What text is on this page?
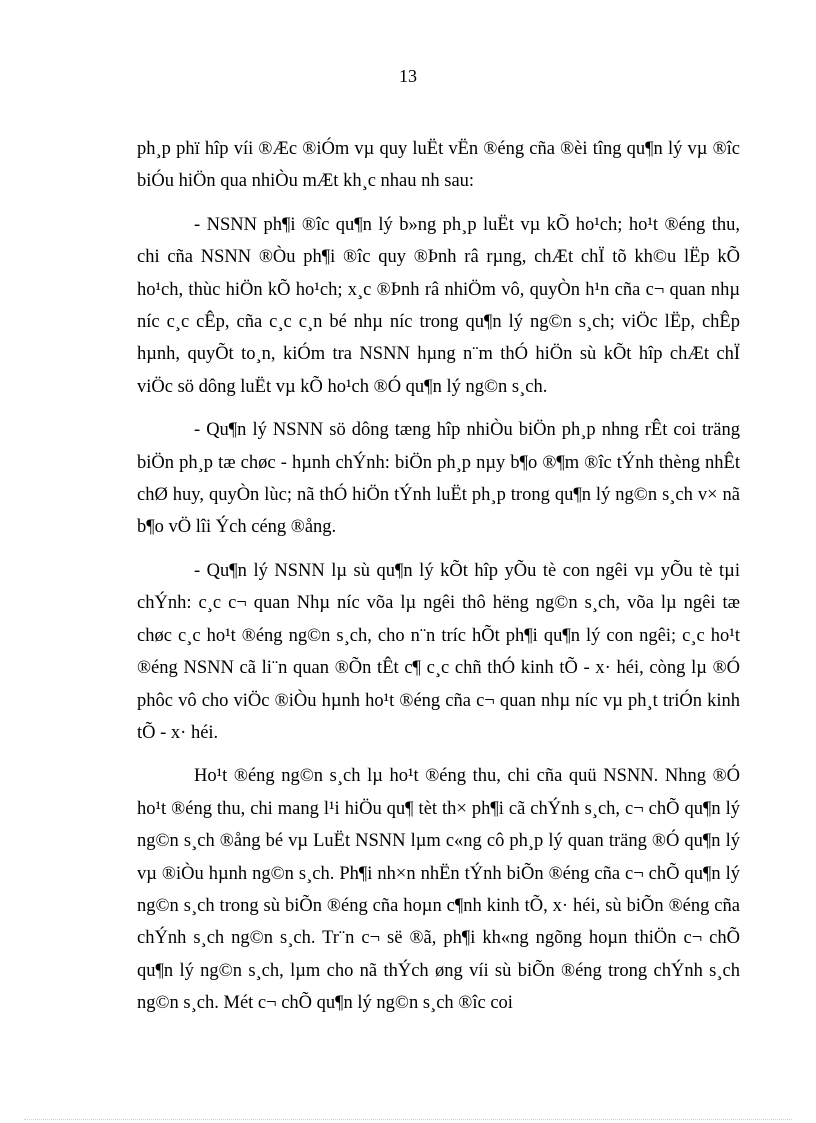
13

ph¸p phï hîp víi ®Æc ®iÓm vµ quy luËt vËn ®éng cña ®èi tîng qu¶n lý vµ ®îc biÓu hiÖn qua nhiÒu mÆt kh¸c nhau nh sau:

- NSNN ph¶i ®îc qu¶n lý b»ng ph¸p luËt vµ kÕ ho¹ch; ho¹t ®éng thu, chi cña NSNN ®Òu ph¶i ®îc quy ®Þnh râ rµng, chÆt chÏ tõ kh©u lËp kÕ ho¹ch, thùc hiÖn kÕ ho¹ch; x¸c ®Þnh râ nhiÖm vô, quyÒn h¹n cña c¬ quan nhµ níc c¸c cÊp, cña c¸c c¸n bé nhµ níc trong qu¶n lý ng©n s¸ch; viÖc lËp, chÊp hµnh, quyÕt to¸n, kiÓm tra NSNN hµng n¨m thÓ hiÖn sù kÕt hîp chÆt chÏ viÖc sö dông luËt vµ kÕ ho¹ch ®Ó qu¶n lý ng©n s¸ch.

- Qu¶n lý NSNN sö dông tæng hîp nhiÒu biÖn ph¸p nhng rÊt coi träng biÖn ph¸p tæ chøc - hµnh chÝnh: biÖn ph¸p nµy b¶o ®¶m ®îc tÝnh thèng nhÊt chØ huy, quyÒn lùc; nã thÓ hiÖn tÝnh luËt ph¸p trong qu¶n lý ng©n s¸ch v× nã b¶o vÖ lîi Ých céng ®ång.

- Qu¶n lý NSNN lµ sù qu¶n lý kÕt hîp yÕu tè con ngêi vµ yÕu tè tµi chÝnh: c¸c c¬ quan Nhµ níc võa lµ ngêi thô hëng ng©n s¸ch, võa lµ ngêi tæ chøc c¸c ho¹t ®éng ng©n s¸ch, cho n¨n tríc hÕt ph¶i qu¶n lý con ngêi; c¸c ho¹t ®éng NSNN cã li¨n quan ®Õn tÊt c¶ c¸c chñ thÓ kinh tÕ - x· héi, còng lµ ®Ó phôc vô cho viÖc ®iÒu hµnh ho¹t ®éng cña c¬ quan nhµ níc vµ ph¸t triÓn kinh tÕ - x· héi.

Ho¹t ®éng ng©n s¸ch lµ ho¹t ®éng thu, chi cña quü NSNN. Nhng ®Ó ho¹t ®éng thu, chi mang l¹i hiÖu qu¶ tèt th× ph¶i cã chÝnh s¸ch, c¬ chÕ qu¶n lý ng©n s¸ch ®ång bé vµ LuËt NSNN lµm c«ng cô ph¸p lý quan träng ®Ó qu¶n lý vµ ®iÒu hµnh ng©n s¸ch. Ph¶i nh×n nhËn tÝnh biÕn ®éng cña c¬ chÕ qu¶n lý ng©n s¸ch trong sù biÕn ®éng cña hoµn c¶nh kinh tÕ, x· héi, sù biÕn ®éng cña chÝnh s¸ch ng©n s¸ch. Tr¨n c¬ së ®ã, ph¶i kh«ng ngõng hoµn thiÖn c¬ chÕ qu¶n lý ng©n s¸ch, lµm cho nã thÝch øng víi sù biÕn ®éng trong chÝnh s¸ch ng©n s¸ch. Mét c¬ chÕ qu¶n lý ng©n s¸ch ®îc coi
